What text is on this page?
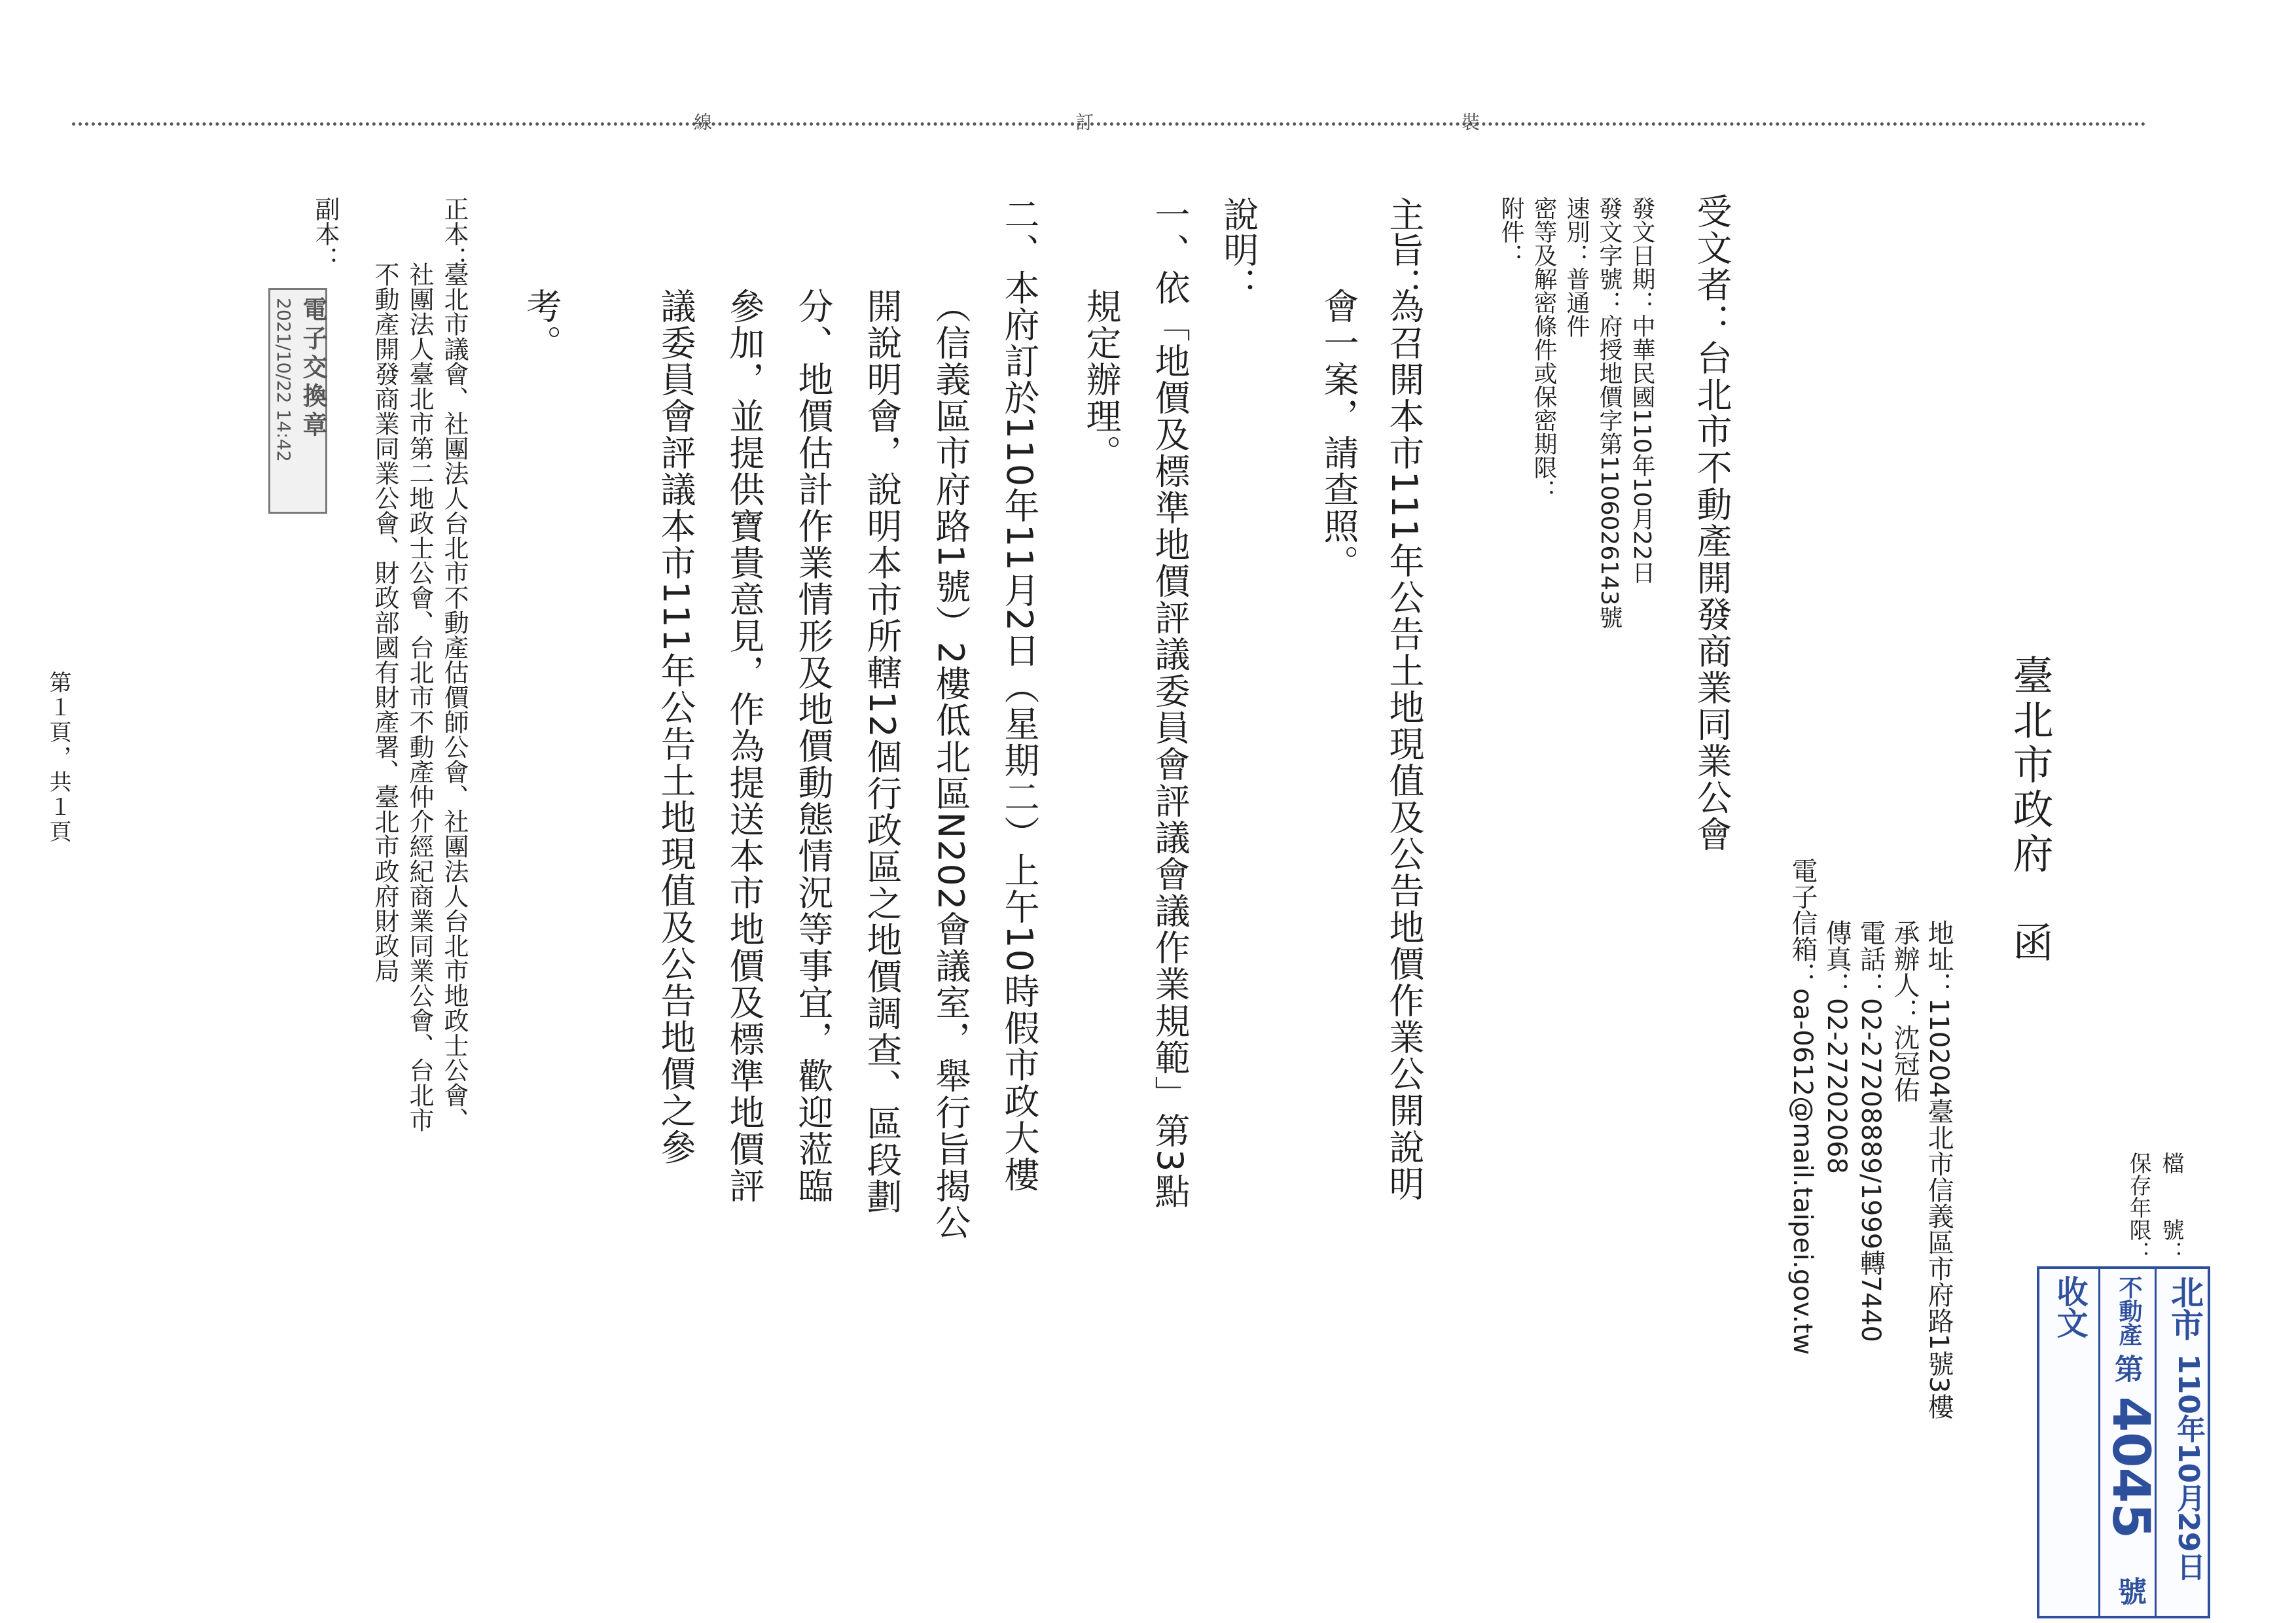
線	訂	裝
檔　　號：
保存年限：
北市
110年10月29日
不動產
第
4045
號
收文
臺北市政府　函
地址：110204臺北市信義區市府路1號3樓
承辦人：沈冠佑
電話：02-27208889/1999轉7440
傳真：02-27202068
電子信箱：oa-0612@mail.taipei.gov.tw
受文者：台北市不動產開發商業同業公會
發文日期：中華民國110年10月22日
發文字號：府授地價字第1106026143號
速別：普通件
密等及解密條件或保密期限：
附件：
主旨：
為召開本市111年公告土地現值及公告地價作業公開說明
會一案，請查照。
說明：
一、依「地價及標準地價評議委員會評議會議作業規範」第3點
規定辦理。
二、本府訂於110年11月2日（星期二）上午10時假市政大樓
（信義區市府路1號）2樓低北區N202會議室，舉行旨揭公
開說明會，說明本市所轄12個行政區之地價調查、區段劃
分、地價估計作業情形及地價動態情況等事宜，歡迎蒞臨
參加，並提供寶貴意見，作為提送本市地價及標準地價評
議委員會評議本市111年公告土地現值及公告地價之參
考。
正本：
臺北市議會、社團法人台北市不動產估價師公會、社團法人台北市地政士公會、
社團法人臺北市第二地政士公會、台北市不動產仲介經紀商業同業公會、台北市
不動產開發商業同業公會、財政部國有財產署、臺北市政府財政局
副本：
電子交換章
2021/10/22 14:42
第１頁，共１頁
